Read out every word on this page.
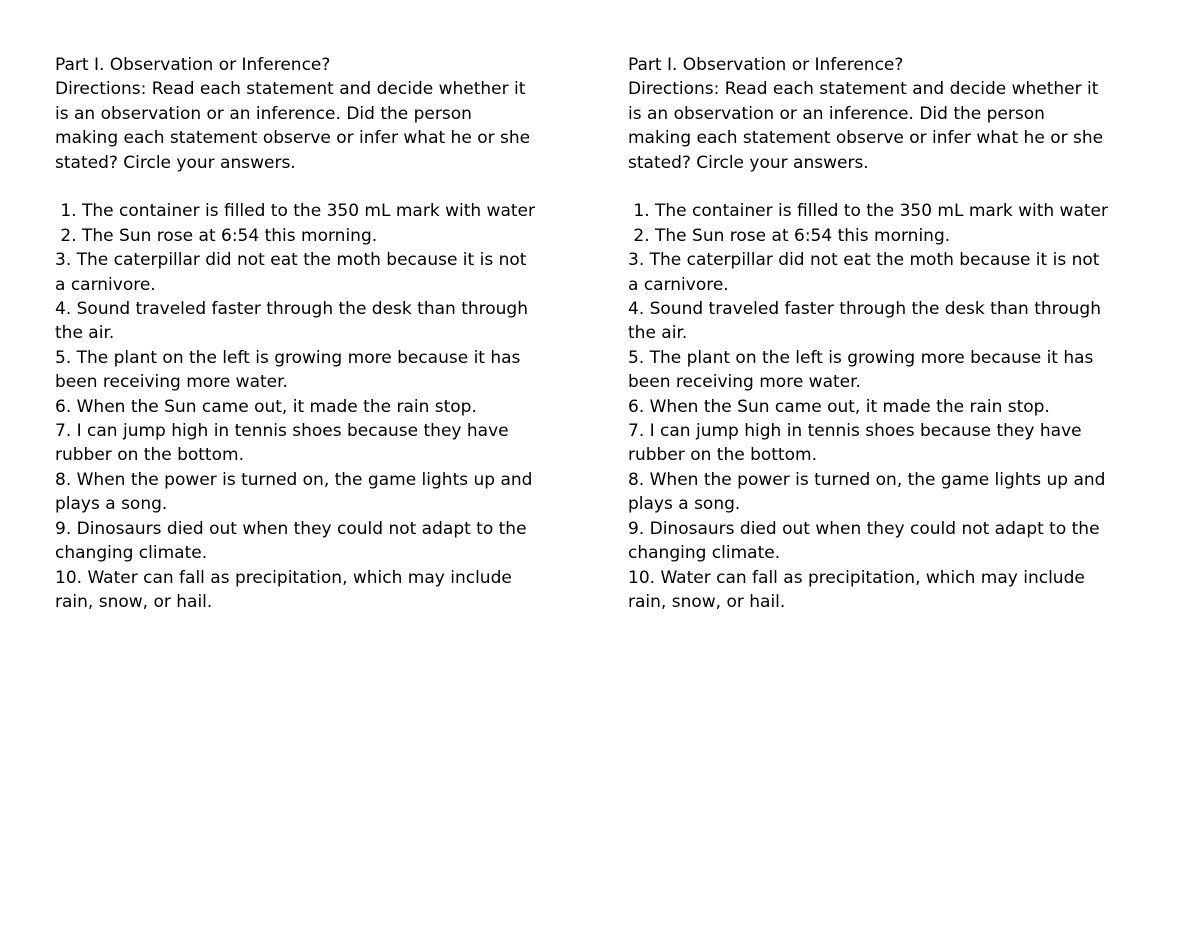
Part I. Observation or Inference?
Directions: Read each statement and decide whether it
is an observation or an inference. Did the person
making each statement observe or infer what he or she
stated? Circle your answers.
1. The container is filled to the 350 mL mark with water
2. The Sun rose at 6:54 this morning.
3. The caterpillar did not eat the moth because it is not
a carnivore.
4. Sound traveled faster through the desk than through
the air.
5. The plant on the left is growing more because it has
been receiving more water.
6. When the Sun came out, it made the rain stop.
7. I can jump high in tennis shoes because they have
rubber on the bottom.
8. When the power is turned on, the game lights up and
plays a song.
9. Dinosaurs died out when they could not adapt to the
changing climate.
10. Water can fall as precipitation, which may include
rain, snow, or hail.
Part I. Observation or Inference?
Directions: Read each statement and decide whether it
is an observation or an inference. Did the person
making each statement observe or infer what he or she
stated? Circle your answers.
1. The container is filled to the 350 mL mark with water
2. The Sun rose at 6:54 this morning.
3. The caterpillar did not eat the moth because it is not
a carnivore.
4. Sound traveled faster through the desk than through
the air.
5. The plant on the left is growing more because it has
been receiving more water.
6. When the Sun came out, it made the rain stop.
7. I can jump high in tennis shoes because they have
rubber on the bottom.
8. When the power is turned on, the game lights up and
plays a song.
9. Dinosaurs died out when they could not adapt to the
changing climate.
10. Water can fall as precipitation, which may include
rain, snow, or hail.
